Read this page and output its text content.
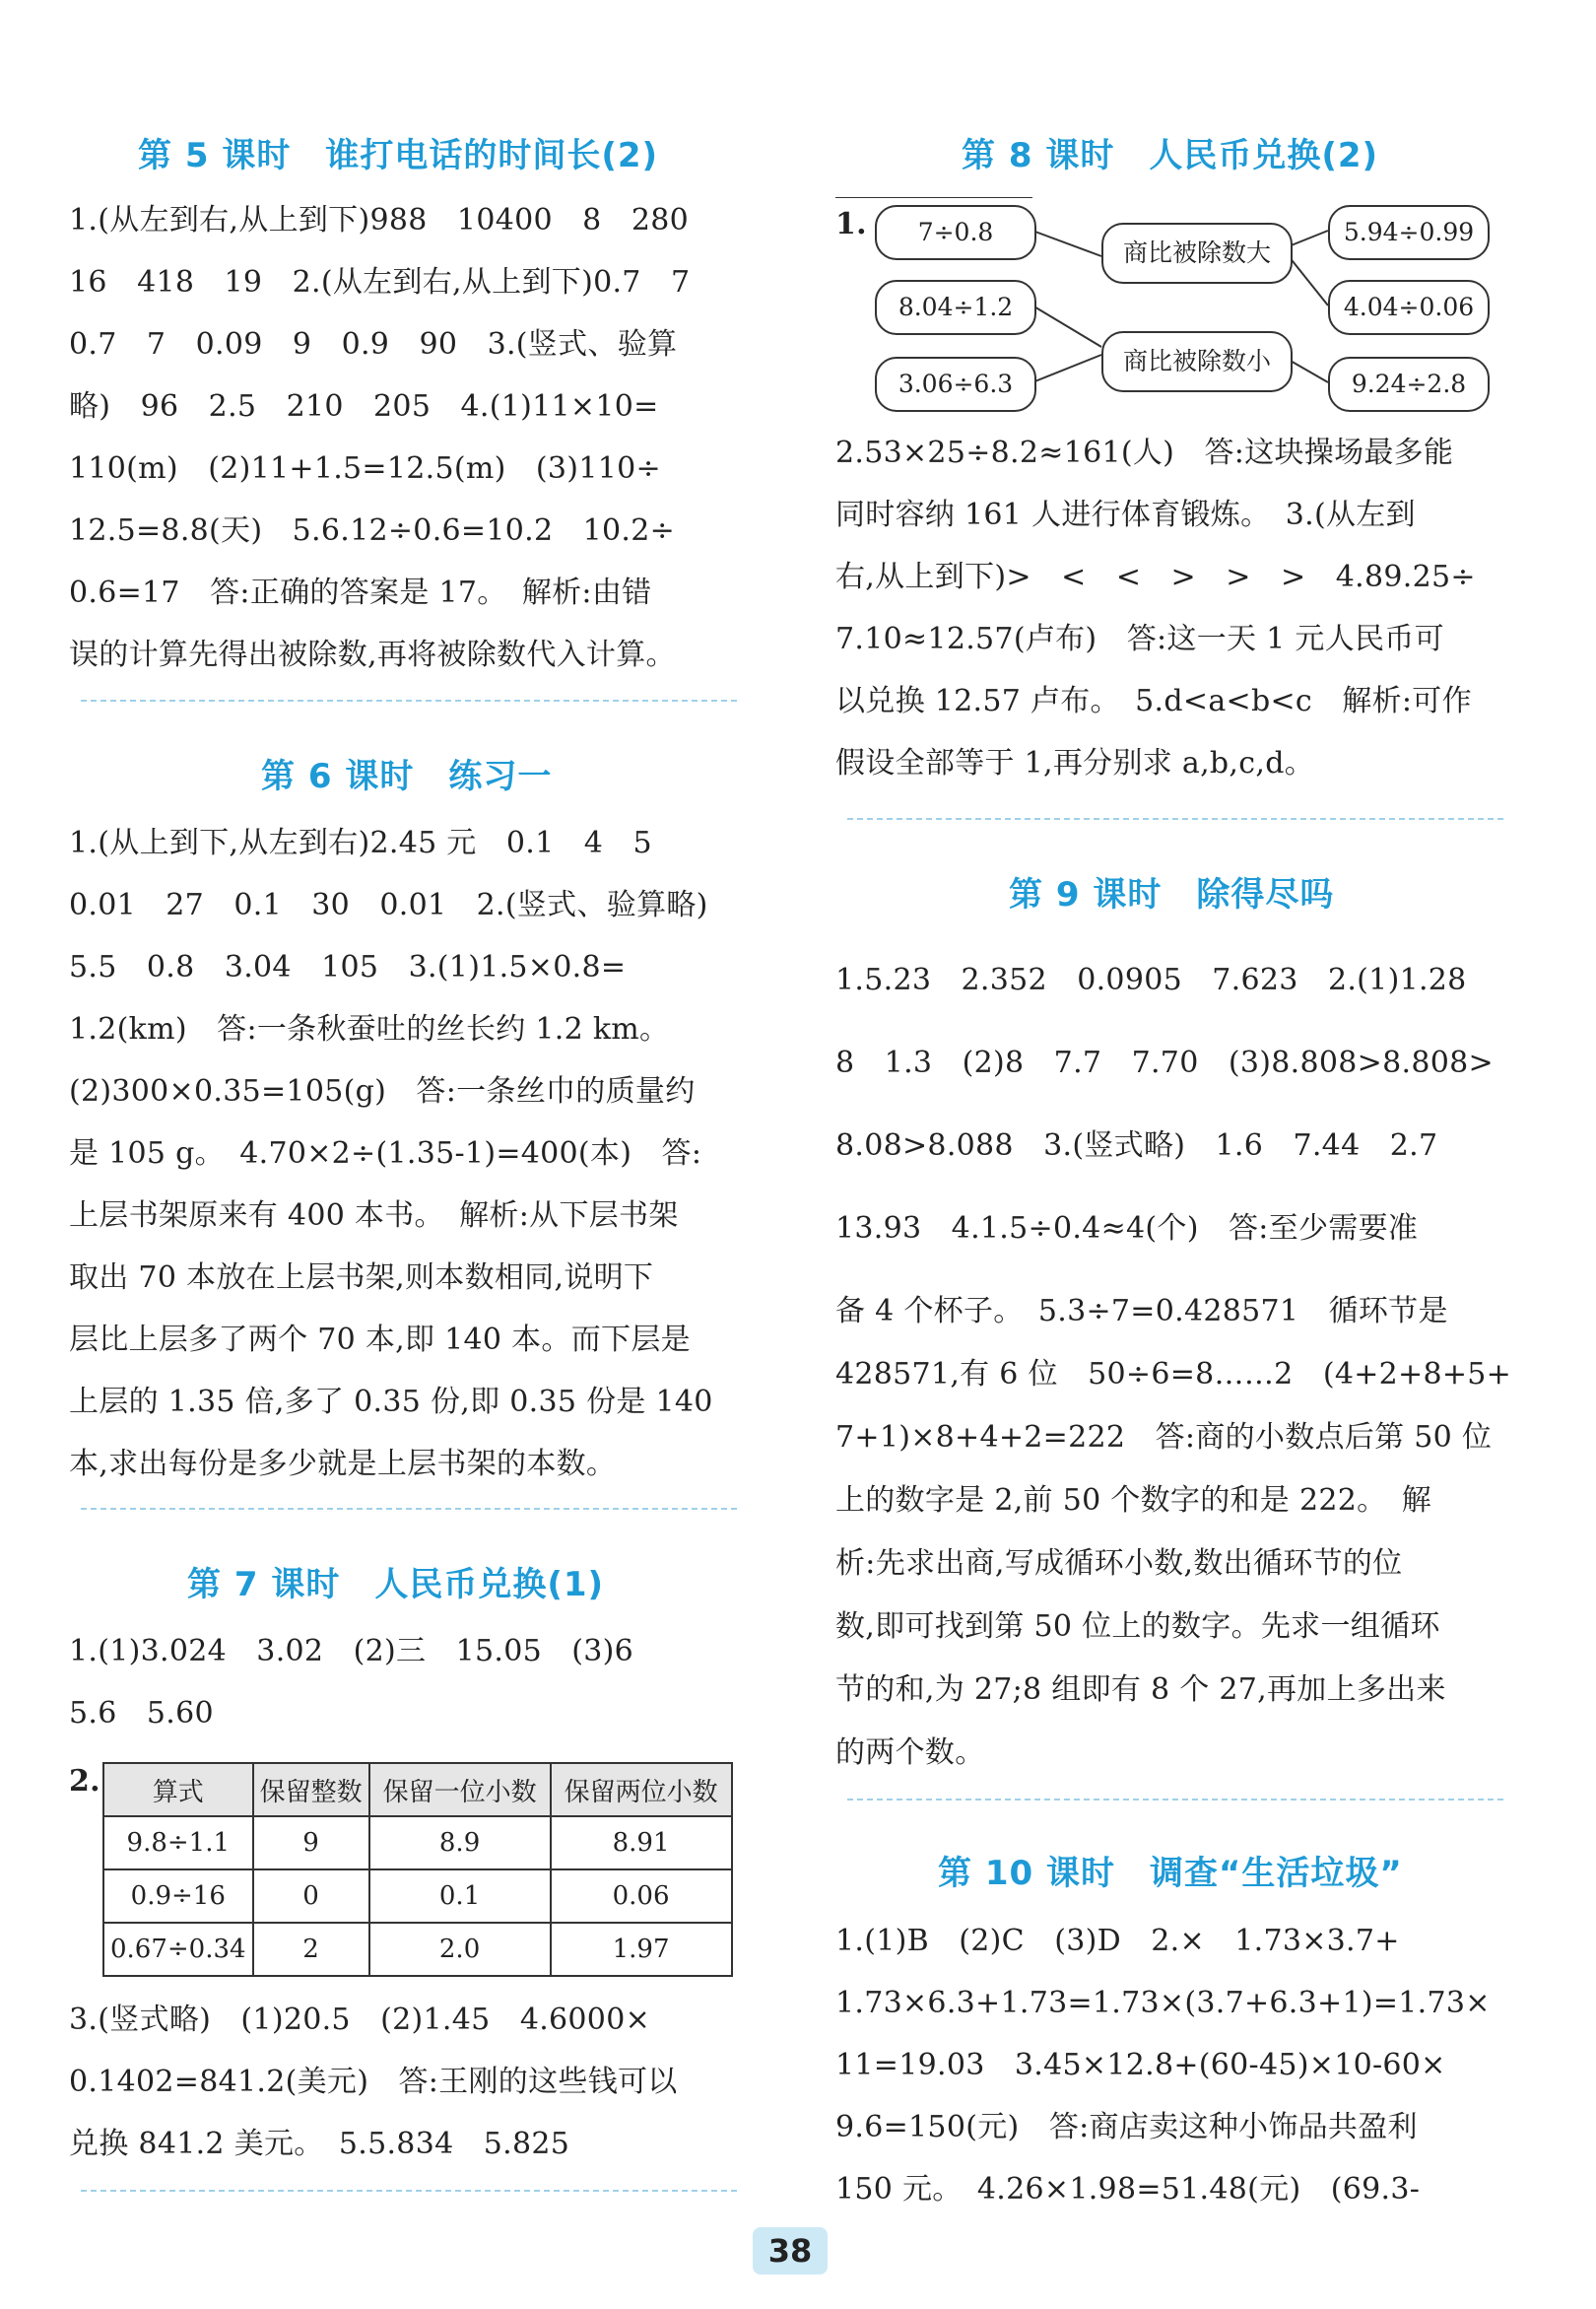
第 5 课时　谁打电话的时间长(2)
1.(从左到右,从上到下)988　10400　8　280
16　418　19　2.(从左到右,从上到下)0.7　7
0.7　7　0.09　9　0.9　90　3.(竖式、验算
略)　96　2.5　210　205　4.(1)11×10=
110(m)　(2)11+1.5=12.5(m)　(3)110÷
12.5=8.8(天)　5.6.12÷0.6=10.2　10.2÷
0.6=17　答:正确的答案是 17。　解析:由错
误的计算先得出被除数,再将被除数代入计算。
第 6 课时　练习一
1.(从上到下,从左到右)2.45 元　0.1　4　5
0.01　27　0.1　30　0.01　2.(竖式、验算略)
5.5　0.8　3.04　105　3.(1)1.5×0.8=
1.2(km)　答:一条秋蚕吐的丝长约 1.2 km。
(2)300×0.35=105(g)　答:一条丝巾的质量约
是 105 g。　4.70×2÷(1.35-1)=400(本)　答:
上层书架原来有 400 本书。　解析:从下层书架
取出 70 本放在上层书架,则本数相同,说明下
层比上层多了两个 70 本,即 140 本。而下层是
上层的 1.35 倍,多了 0.35 份,即 0.35 份是 140
本,求出每份是多少就是上层书架的本数。
第 7 课时　人民币兑换(1)
1.(1)3.024　3.02　(2)三　15.05　(3)6
5.6　5.60
2.	算式	保留整数	保留一位小数	保留两位小数
9.8÷1.1	9	8.9	8.91
0.9÷16	0	0.1	0.06
0.67÷0.34	2	2.0	1.97
3.(竖式略)　(1)20.5　(2)1.45　4.6000×
0.1402=841.2(美元)　答:王刚的这些钱可以
兑换 841.2 美元。　5.5.834　5.825
第 8 课时　人民币兑换(2)
1.	7÷0.8
8.04÷1.2
3.06÷6.3
商比被除数大
商比被除数小
5.94÷0.99
4.04÷0.06
9.24÷2.8
2.53×25÷8.2≈161(人)　答:这块操场最多能
同时容纳 161 人进行体育锻炼。　3.(从左到
右,从上到下)>　<　<　>　>　>　4.89.25÷
7.10≈12.57(卢布)　答:这一天 1 元人民币可
以兑换 12.57 卢布。　5.d<a<b<c　解析:可作
假设全部等于 1,再分别求 a,b,c,d。
第 9 课时　除得尽吗
1.5.23　2.352　0.0905　7.623　2.(1)1.28
8　1.3　(2)8　7.7　7.70　(3)8.808>8.808>
8.08>8.088　3.(竖式略)　1.6　7.44　2.7
13.93　4.1.5÷0.4≈4(个)　答:至少需要准
备 4 个杯子。　5.3÷7=0.428571　循环节是
428571,有 6 位　50÷6=8……2　(4+2+8+5+
7+1)×8+4+2=222　答:商的小数点后第 50 位
上的数字是 2,前 50 个数字的和是 222。　解
析:先求出商,写成循环小数,数出循环节的位
数,即可找到第 50 位上的数字。先求一组循环
节的和,为 27;8 组即有 8 个 27,再加上多出来
的两个数。
第 10 课时　调查“生活垃圾”
1.(1)B　(2)C　(3)D　2.×　1.73×3.7+
1.73×6.3+1.73=1.73×(3.7+6.3+1)=1.73×
11=19.03　3.45×12.8+(60-45)×10-60×
9.6=150(元)　答:商店卖这种小饰品共盈利
150 元。　4.26×1.98=51.48(元)　(69.3-
38
